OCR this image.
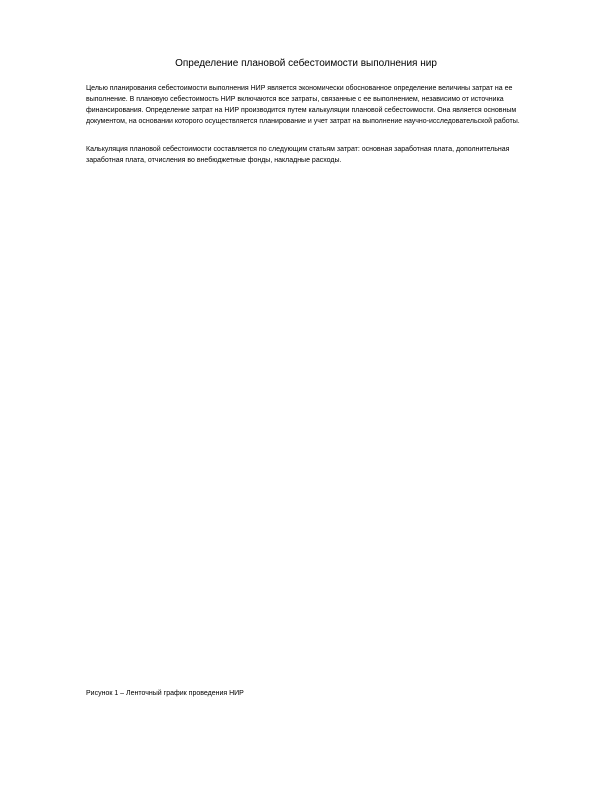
Определение плановой себестоимости выполнения нир

Целью планирования себестоимости выполнения НИР является экономически обоснованное определение величины затрат на ее выполнение. В плановую себестоимость НИР включаются все затраты, связанные с ее выполнением, независимо от источника финансирования. Определение затрат на НИР производится путем калькуляции плановой себестоимости. Она является основным документом, на основании которого осуществляется планирование и учет затрат на выполнение научно-исследовательской работы.

Калькуляция плановой себестоимости составляется по следующим статьям затрат: основная заработная плата, дополнительная заработная плата, отчисления во внебюджетные фонды, накладные расходы.

Рисунок 1 – Ленточный график проведения НИР
